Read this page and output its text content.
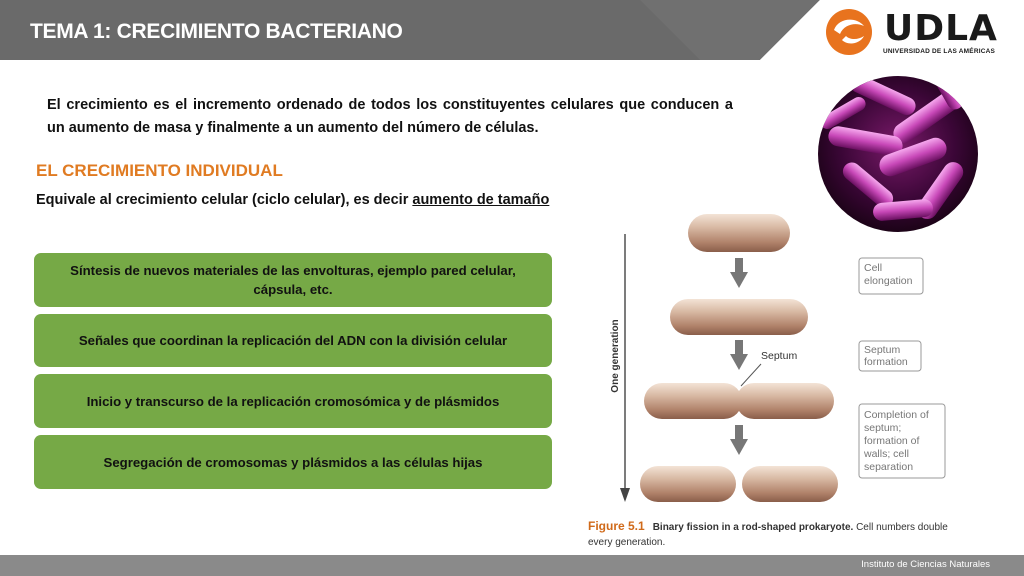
TEMA 1: CRECIMIENTO BACTERIANO	UDLA
UNIVERSIDAD DE LAS AMÉRICAS
El crecimiento es el incremento ordenado de todos los constituyentes celulares que conducen a un aumento de masa y finalmente a un aumento del número de células.
EL CRECIMIENTO INDIVIDUAL
Equivale al crecimiento celular (ciclo celular), es decir aumento de tamaño
Síntesis de nuevos materiales de las envolturas, ejemplo pared celular, cápsula, etc.
Señales que coordinan la replicación del ADN con la división celular
Inicio y transcurso de la replicación cromosómica y de plásmidos
Segregación de cromosomas y plásmidos a las células hijas
One generation	Septum
Cell
elongation
Septum
formation
Completion of
septum;
formation of
walls; cell
separation
Figure 5.1 Binary fission in a rod-shaped prokaryote. Cell numbers double
every generation.
Instituto de Ciencias Naturales
